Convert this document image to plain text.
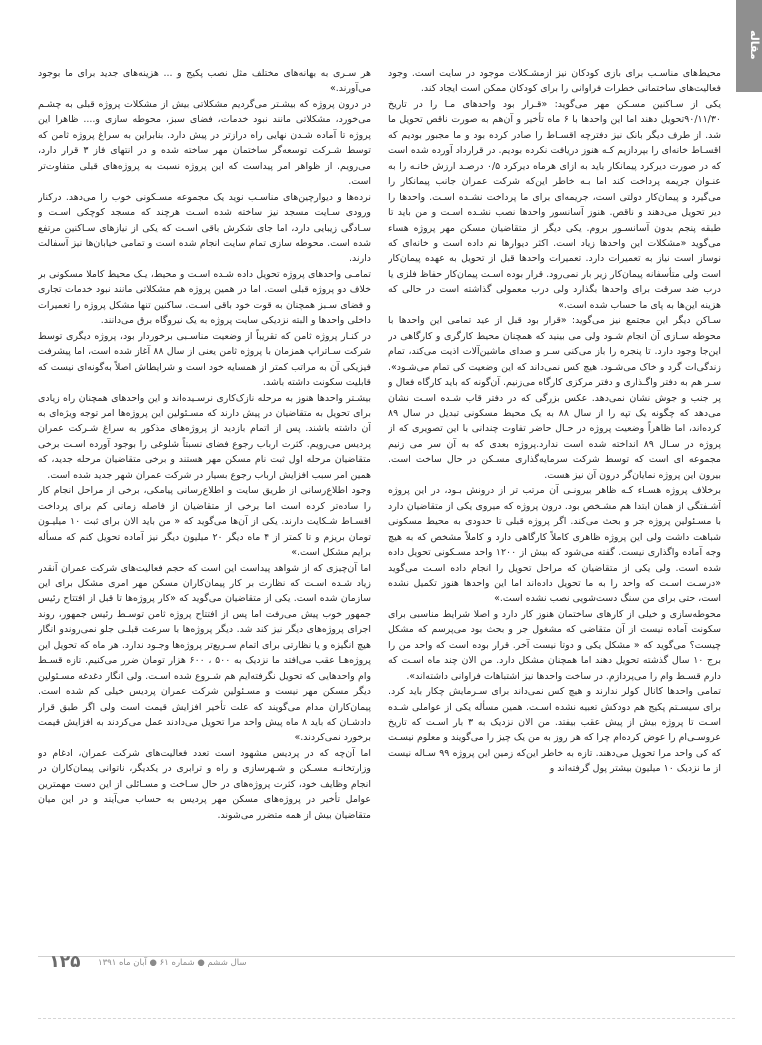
مقاله

محیط‌های مناسـب برای بازی کودکان نیز ازمشـکلات موجود در سایت است. وجود فعالیت‌های ساختمانی خطرات فراوانی را برای کودکان ممکن است ایجاد کند.

یکی از سـاکنین مسـکن مهر می‌گوید: «قـرار بود واحدهای مـا را در تاریخ ۹۰/۱۱/۳۰تحویل دهند اما این واحدها با ۶ ماه تأخیر و آن‌هم به صورت ناقص تحویل ما شد. از طرف دیگر بانک نیز دفترچه اقسـاط را صادر کرده بود و ما مجبور بودیم که اقسـاط خانه‌ای را بپردازیم کـه هنوز دریافت نکرده بودیم. در قرارداد آورده شده است که در صورت دیرکرد پیمانکار باید به ازای هرماه دیرکرد ۰/۵ درصـد ارزش خانـه را به عنـوان جریمه پرداخت کند اما بـه خاطر این‌که شرکت عمران جانب پیمانکار را می‌گیرد و پیمان‌کار دولتی است، جریمه‌ای برای ما پرداخت نشـده اسـت. واحدها را دیر تحویل می‌دهند و ناقص. هنوز آسانسور واحدها نصب نشـده اسـت و من باید تا طبقه پنجم بدون آسانسـور بروم. یکی دیگر از متقاضیان مسکن مهر پروژه هساء می‌گوید «مشکلات این واحدها زیاد است. اکثر دیوارها نم داده است و خانه‌ای که نوساز است نیاز به تعمیرات دارد. تعمیرات واحدها قبل از تحویل به عهده پیمان‌کار است ولی متأسفانه پیمان‌کار زیر بار نمی‌رود. قرار بوده اسـت پیمان‌کار حفاظ فلزی یا درب ضد سرقت برای واحدها بگذارد ولی درب معمولی گذاشته است در حالی که هزینه این‌ها به پای ما حساب شده است.»

سـاکن دیگر این مجتمع نیز می‌گوید: «قرار بود قبل از عید تمامی این واحدها با محوطه سـازی آن انجام شـود ولی می بینید که همچنان محیط کارگری و کارگاهی در این‌جا وجود دارد. تا پنجره را باز می‌کنی سـر و صدای ماشین‌آلات اذیت می‌کند، تمام زندگی‌ات گرد و خاک می‌شـود. هیچ کس نمی‌داند که این وضعیت کی تمام می‌شـود». سـر هم به دفتر واگـذاری و دفتر مرکزی کارگاه می‌زنیم. آن‌گونه که باید کارگاه فعال و پر جنب و جوش نشان نمی‌دهد. عکس بزرگی که در دفتر قاب شـده اسـت نشان می‌دهد که چگونه یک تپه را از سال ۸۸ به یک محیط مسکونی تبدیل در سال ۸۹ کرده‌اند، اما ظاهراً وضعیت پروژه در حـال حاضر تفاوت چندانی با این تصویری که از پروژه در سـال ۸۹ انداخته شده است ندارد.پروژه بعدی که به آن سر می زنیم مجموعه ای است که توسط شرکت سرمایه‌گذاری مسـکن در حال ساخت است. بیرون این پروژه نمایان‌گر درون آن نیز هست.

برخلاف پروژه هسـاء کـه ظاهر بیرونـی آن مرتب تر از درونش بـود، در این پروژه آشـفتگی از همان ابتدا هم مشـخص بود. درون پروژه که میروی یکی از متقاضیان دارد با مسـئولین پروژه جر و بحث می‌کند. اگر پروژه قبلی تا حدودی به محیط مسکونی شباهت داشت ولی این پروژه ظاهری کاملاً کارگاهی دارد و کاملاً مشخص که به هیچ وجه آماده واگذاری نیست. گفته می‌شود که بیش از ۱۲۰۰ واحد مسـکونی تحویل داده شده است. ولی یکی از متقاضیان که مراحل تحویل را انجام داده اسـت می‌گوید «درسـت اسـت که واحد را به ما تحویل داده‌اند اما این واحدها هنوز تکمیل نشده است، حتی برای من سنگ دست‌شویی نصب نشده است.»

محوطه‌سازی و خیلی از کارهای ساختمان هنوز کار دارد و اصلا شرایط مناسبی برای سکونت آماده نیست از آن متقاضی که مشغول جر و بحث بود می‌پرسم که مشکل چیست؟ می‌گوید که « مشکل یکی و دوتا نیست آخر. قرار بوده است که واحد من را برج ۱۰ سال گذشته تحویل دهند اما همچنان مشکل دارد. من الان چند ماه اسـت که دارم قسـط وام را می‌پردازم. در ساخت واحدها نیز اشتباهات فراوانی داشته‌اند».

تمامی واحدها کانال کولر ندارند و هیچ کس نمی‌داند برای سـرمایش چکار باید کرد. برای سیسـتم پکیج هم دودکش تعبیه نشده اسـت. همین مسأله یکی از عواملی شـده اسـت تا پروژه بیش از پیش عقب بیفتد. من الان نزدیک به ۳ بار اسـت که تاریخ عروسـی‌ام را عوض کرده‌ام چرا که هر روز به من یک چیز را می‌گویند و معلوم نیسـت که کی واحد مرا تحویل می‌دهند. تازه به خاطر این‌که زمین این پروژه ۹۹ سـاله نیست از ما نزدیک ۱۰ میلیون بیشتر پول گرفته‌اند و

هر سـری به بهانه‌های مختلف مثل نصب پکیج و ... هزینه‌های جدید برای ما بوجود می‌آورند.»

در درون پروژه که بیشـتر می‌گردیم مشکلاتی بیش از مشکلات پروژه قبلی به چشـم می‌خورد، مشکلاتی مانند نبود خدمات، فضای سبز، محوطه سازی و.... ظاهرا این پروژه تا آماده شـدن نهایی راه درازتر در پیش دارد. بنابراین به سراغ پروژه ثامن که توسط شـرکت توسعه‌گر ساختمان مهر ساخته شده و در انتهای فاز ۳ قرار دارد، می‌رویم. از ظواهر امر پیداست که این پروژه نسبت به پروژه‌های قبلی متفاوت‌تر است.

نرده‌ها و دیوارچین‌های مناسـب نوید یک مجموعه مسـکونی خوب را می‌دهد. درکنار ورودی سـایت مسجد نیز ساخته شده اسـت هرچند که مسجد کوچکی اسـت و سـادگی زیبایی دارد، اما جای شکرش باقی اسـت که یکی از نیازهای سـاکنین مرتفع شده است. محوطه سازی تمام سایت انجام شده است و تمامی خیابان‌ها نیز آسفالت دارند.

تمامـی واحدهای پروژه تحویل داده شـده اسـت و محیط، یـک محیط کاملا مسکونی بر خلاف دو پروژه قبلی است. اما در همین پروژه هم مشکلاتی مانند نبود خدمات تجاری و فضای سـبز همچنان به قوت خود باقی اسـت. ساکنین تنها مشکل پروژه را تعمیرات داخلی واحدها و البته نزدیکی سایت پروژه به یک نیروگاه برق می‌دانند.

در کنـار پروژه ثامن که تقریباً از وضعیت مناسـبی برخوردار بود، پروژه دیگری توسط شرکت سـاتراپ همزمان با پروژه ثامن یعنی از سال ۸۸ آغاز شده است، اما پیشرفت فیزیکی آن به مراتب کمتر از همسایه خود است و شرایطاش اصلاً به‌گونه‌ای نیست که قابلیت سکونت داشته باشد.

بیشـتر واحدها هنوز به مرحله نازک‌کاری نرسـیده‌اند و این واحدهای همچنان راه زیادی برای تحویل به متقاضیان در پیش دارند که مسـئولین این پروژه‌ها امر توجه ویژه‌ای به آن داشته باشند. پس از اتمام بازدید از پروژه‌های مذکور به سراغ شـرکت عمران پردیس می‌رویم. کثرت ارباب رجوع فضای نسبتاً شلوغی را بوجود آورده اسـت برخی متقاضیان مرحله اول ثبت نام مسکن مهر هستند و برخی متقاضیان مرحله جدید، که همین امر سبب افزایش ارباب رجوع بسیار در شرکت عمران شهر جدید شده است.

وجود اطلاع‌رسانی از طریق سایت و اطلاع‌رسانی پیامکی، برخی از مراحل انجام کار را سادەتر کرده است اما برخی از متقاضیان از فاصله زمانی کم برای پرداخت اقسـاط شـکایت دارند. یکی از آن‌ها می‌گوید که « من باید الان برای ثبت ۱۰ میلیـون تومان بریزم و تا کمتر از ۴ ماه دیگر ۲۰ میلیون دیگر نیز آماده تحویل کنم که مسأله برایم مشکل است.»

اما آن‌چیزی که از شواهد پیداست این است که حجم فعالیت‌های شرکت عمران آنقدر زیاد شـده اسـت که نظارت بر کار پیمان‌کاران مسکن مهر امری مشکل برای این سازمان شده است. یکی از متقاضیان می‌گوید که «کار پروژه‌ها تا قبل از افتتاح رئیس جمهور خوب پیش می‌رفت اما پس از افتتاح پروژه ثامن توسـط رئیس جمهور، روند اجرای پروژه‌های دیگر نیز کند شد. دیگر پروژه‌ها با سرعت قبلـی جلو نمی‌روندو انگار هیچ انگیزه و یا نظارتی برای اتمام سـریع‌تر پروژه‌ها وجـود ندارد. هر ماه که تحویل این پروژه‌هـا عقب می‌افتد ما نزدیک به ۵۰۰ ، ۶۰۰ هزار تومان ضرر می‌کنیم. تازه قسـط وام واحدهایی که تحویل نگرفته‌ایم هم شـروع شده اسـت. ولی انگار دغدغه مسـئولین دیگر مسکن مهر نیست و مسـئولین شرکت عمران پردیس خیلی کم شده است. پیمان‌کاران مدام می‌گویند که علت تأخیر افزایش قیمت است ولی اگر طبق قرار دادشـان که باید ۸ ماه پیش واحد مرا تحویل می‌دادند عمل می‌کردند به افزایش قیمت برخورد نمی‌کردند.»

اما آن‌چه که در پردیس مشهود است تعدد فعالیت‌های شرکت عمران، ادغام دو وزارتخانـه مسـکن و شـهرسازی و راه و ترابری در یکدیگر، ناتوانی پیمان‌کاران در انجام وظایف خود، کثرت پروژه‌های در حال سـاخت و مسـائلی از این دست مهمترین عوامل تأخیر در پروژه‌های مسکن مهر پردیس به حساب می‌آیند و در این میان متقاضیان بیش از همه متضرر می‌شوند.

۱۲۵	سال ششم ● شماره ۶۱ ● آبان ماه ۱۳۹۱
